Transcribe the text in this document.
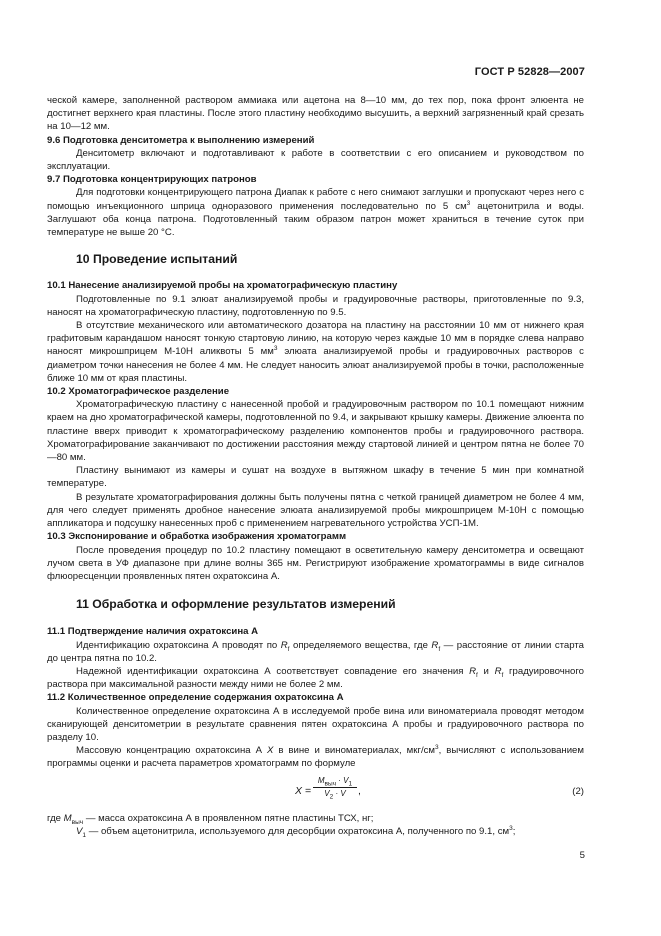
ГОСТ Р 52828—2007

ческой камере, заполненной раствором аммиака или ацетона на 8—10 мм, до тех пор, пока фронт элюента не достигнет верхнего края пластины. После этого пластину необходимо высушить, а верхний загрязненный край срезать на 10—12 мм.

9.6 Подготовка денситометра к выполнению измерений

Денситометр включают и подготавливают к работе в соответствии с его описанием и руководством по эксплуатации.

9.7 Подготовка концентрирующих патронов

Для подготовки концентрирующего патрона Диапак к работе с него снимают заглушки и пропускают через него с помощью инъекционного шприца одноразового применения последовательно по 5 $см^3$ ацетонитрила и воды. Заглушают оба конца патрона. Подготовленный таким образом патрон может храниться в течение суток при температуре не выше 20 °С.

10 Проведение испытаний

10.1 Нанесение анализируемой пробы на хроматографическую пластину

Подготовленные по 9.1 элюат анализируемой пробы и градуировочные растворы, приготовленные по 9.3, наносят на хроматографическую пластину, подготовленную по 9.5.

В отсутствие механического или автоматического дозатора на пластину на расстоянии 10 мм от нижнего края графитовым карандашом наносят тонкую стартовую линию, на которую через каждые 10 мм в порядке слева направо наносят микрошприцем М-10Н аликвоты 5 $мм^3$ элюата анализируемой пробы и градуировочных растворов с диаметром точки нанесения не более 4 мм. Не следует наносить элюат анализируемой пробы в точки, расположенные ближе 10 мм от края пластины.

10.2 Хроматографическое разделение

Хроматографическую пластину с нанесенной пробой и градуировочным раствором по 10.1 помещают нижним краем на дно хроматографической камеры, подготовленной по 9.4, и закрывают крышку камеры. Движение элюента по пластине вверх приводит к хроматографическому разделению компонентов пробы и градуировочного раствора. Хроматографирование заканчивают по достижении расстояния между стартовой линией и центром пятна не более 70—80 мм.

Пластину вынимают из камеры и сушат на воздухе в вытяжном шкафу в течение 5 мин при комнатной температуре.

В результате хроматографирования должны быть получены пятна с четкой границей диаметром не более 4 мм, для чего следует применять дробное нанесение элюата анализируемой пробы микрошприцем М-10Н с помощью аппликатора и подсушку нанесенных проб с применением нагревательного устройства УСП-1М.

10.3 Экспонирование и обработка изображения хроматограмм

После проведения процедур по 10.2 пластину помещают в осветительную камеру денситометра и освещают лучом света в УФ диапазоне при длине волны 365 нм. Регистрируют изображение хроматограммы в виде сигналов флюоресценции проявленных пятен охратоксина А.

11 Обработка и оформление результатов измерений

11.1 Подтверждение наличия охратоксина А

Идентификацию охратоксина А проводят по $R_f$ определяемого вещества, где $R_f$ — расстояние от линии старта до центра пятна по 10.2.

Надежной идентификации охратоксина А соответствует совпадение его значения $R_f$ и $R_f$ градуировочного раствора при максимальной разности между ними не более 2 мм.

11.2 Количественное определение содержания охратоксина А

Количественное определение охратоксина А в исследуемой пробе вина или виноматериала проводят методом сканирующей денситометрии в результате сравнения пятен охратоксина А пробы и градуировочного раствора по разделу 10.

Массовую концентрацию охратоксина А X в вине и виноматериалах, мкг/$см^3$, вычисляют с использованием программы оценки и расчета параметров хроматограмм по формуле

X =
$M_{выч} \cdot V_1$
$V_2 \cdot V$	,	(2)

где $M_{выч}$ — масса охратоксина А в проявленном пятне пластины ТСХ, нг;

$V_1$ — объем ацетонитрила, используемого для десорбции охратоксина А, полученного по 9.1, $см^3$;

5
